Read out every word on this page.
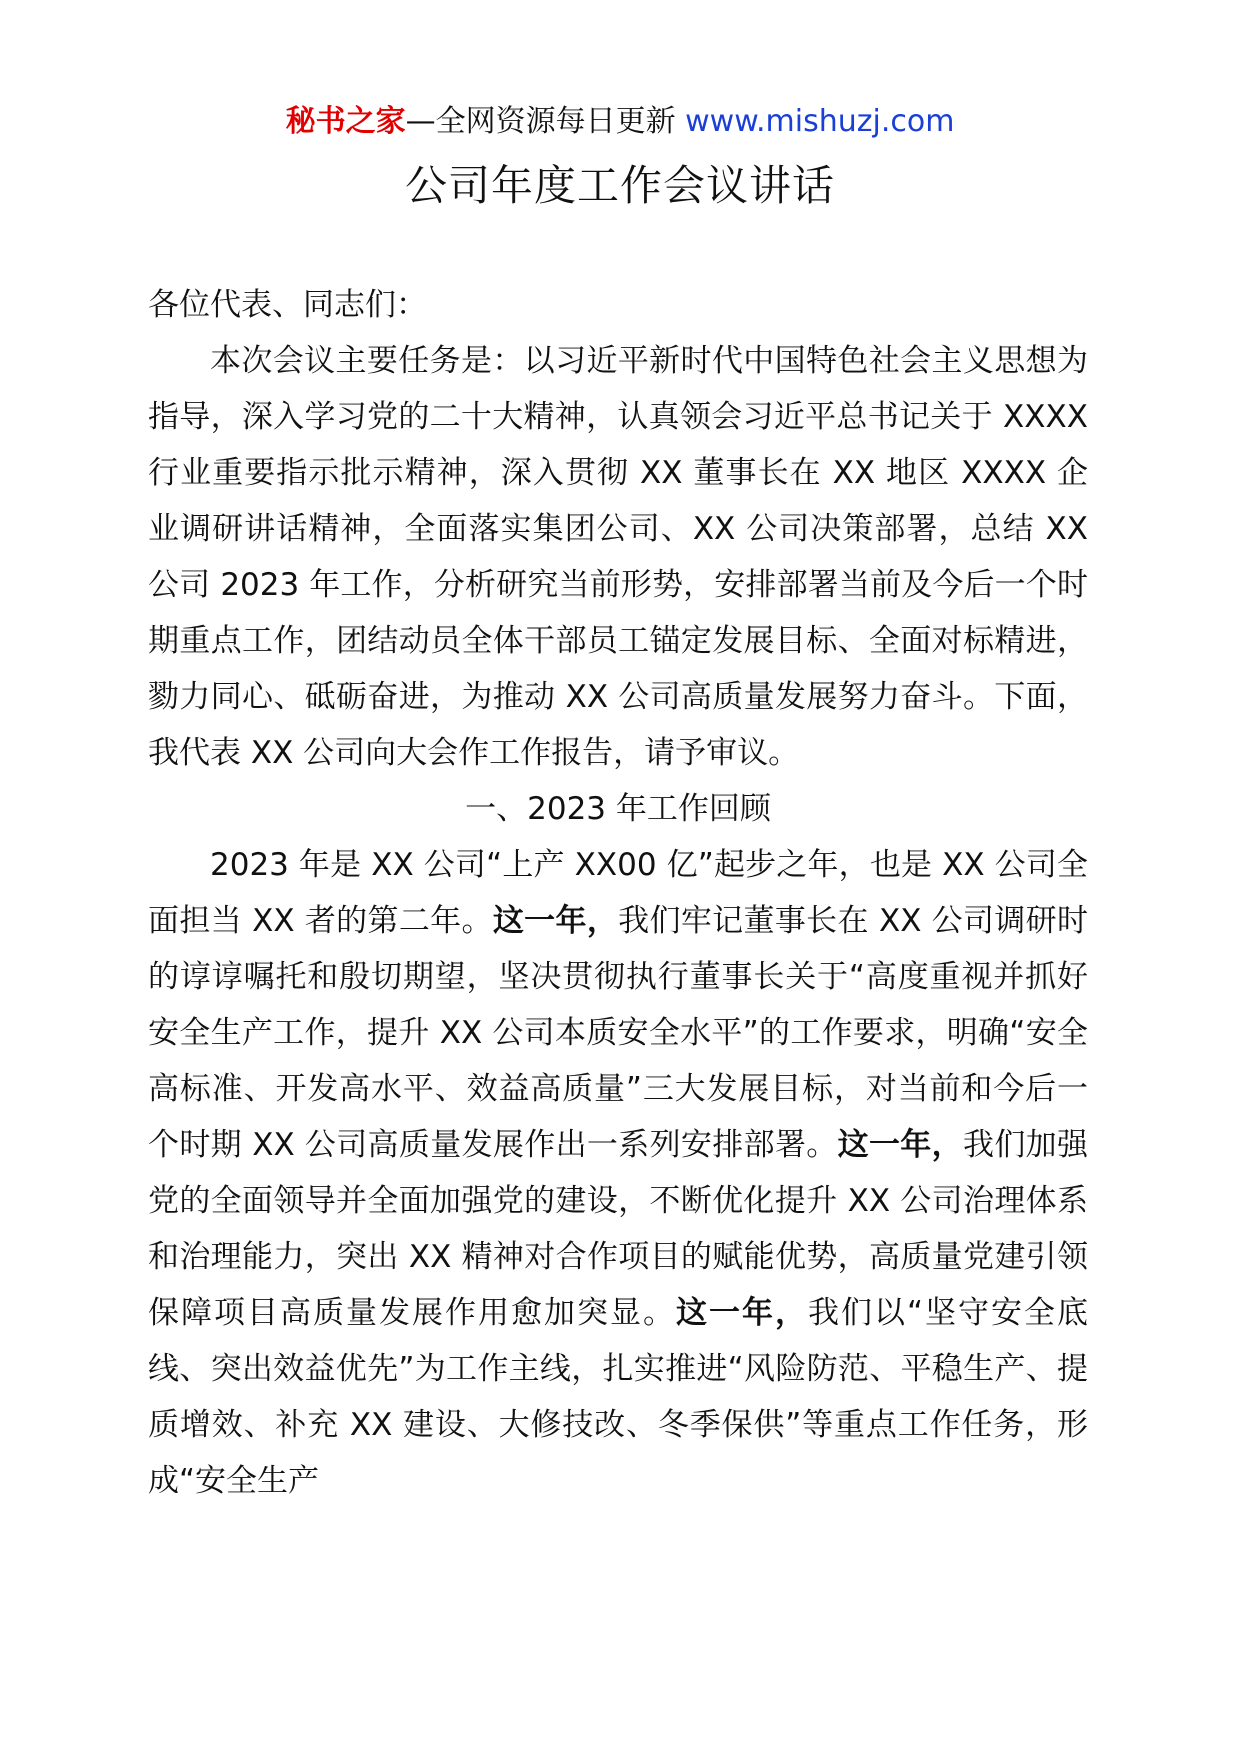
秘书之家—全网资源每日更新 www.mishuzj.com
公司年度工作会议讲话

各位代表、同志们：

本次会议主要任务是：以习近平新时代中国特色社会主义思想为指导，深入学习党的二十大精神，认真领会习近平总书记关于 XXXX 行业重要指示批示精神，深入贯彻 XX 董事长在 XX 地区 XXXX 企业调研讲话精神，全面落实集团公司、XX 公司决策部署，总结 XX 公司 2023 年工作，分析研究当前形势，安排部署当前及今后一个时期重点工作，团结动员全体干部员工锚定发展目标、全面对标精进，勠力同心、砥砺奋进，为推动 XX 公司高质量发展努力奋斗。下面，我代表 XX 公司向大会作工作报告，请予审议。

一、2023 年工作回顾

2023 年是 XX 公司“上产 XX00 亿”起步之年，也是 XX 公司全面担当 XX 者的第二年。这一年，我们牢记董事长在 XX 公司调研时的谆谆嘱托和殷切期望，坚决贯彻执行董事长关于“高度重视并抓好安全生产工作，提升 XX 公司本质安全水平”的工作要求，明确“安全高标准、开发高水平、效益高质量”三大发展目标，对当前和今后一个时期 XX 公司高质量发展作出一系列安排部署。这一年，我们加强党的全面领导并全面加强党的建设，不断优化提升 XX 公司治理体系和治理能力，突出 XX 精神对合作项目的赋能优势，高质量党建引领保障项目高质量发展作用愈加突显。这一年，我们以“坚守安全底线、突出效益优先”为工作主线，扎实推进“风险防范、平稳生产、提质增效、补充 XX 建设、大修技改、冬季保供”等重点工作任务，形成“安全生产
